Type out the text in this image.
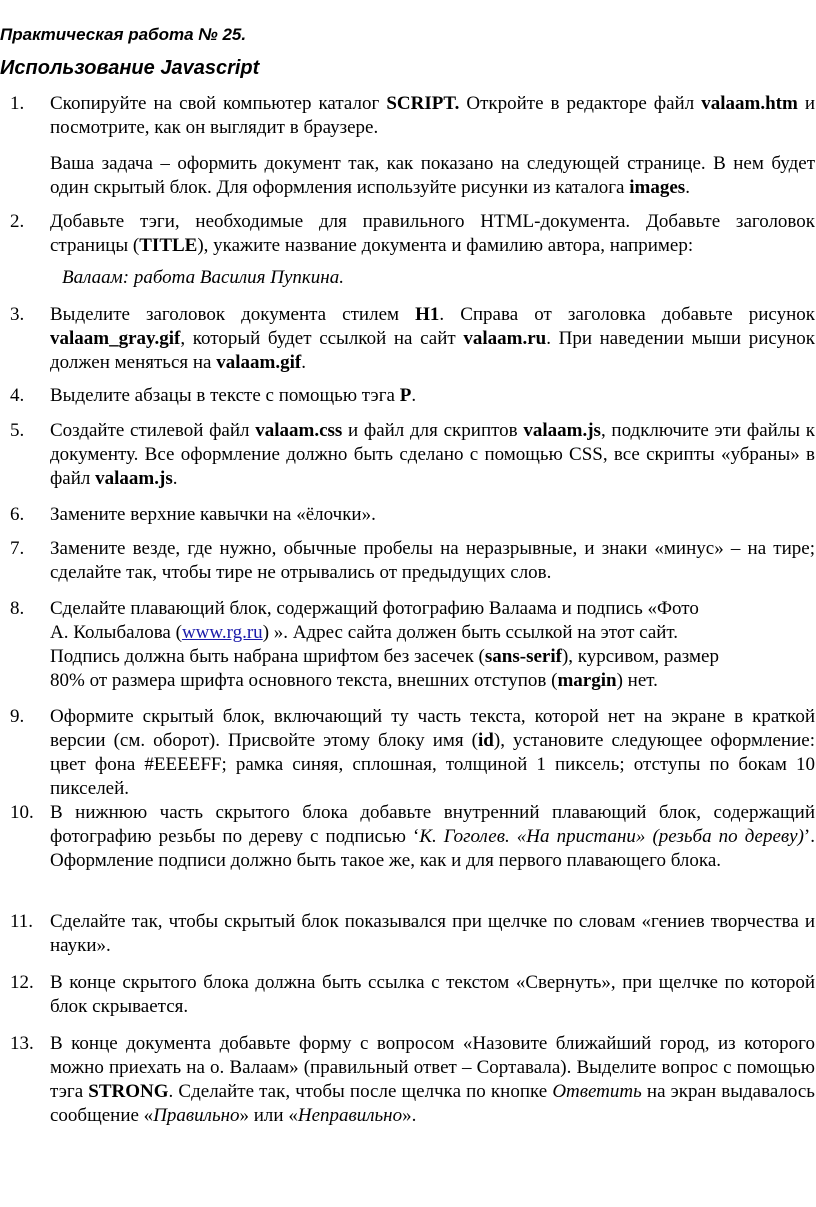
Практическая работа № 25.
Использование Javascript
1.	Скопируйте на свой компьютер каталог SCRIPT. Откройте в редакторе файл valaam.htm и посмотрите, как он выглядит в браузере.

Ваша задача – оформить документ так, как показано на следующей странице. В нем будет один скрытый блок. Для оформления используйте рисунки из каталога images.

2.	Добавьте тэги, необходимые для правильного HTML-документа. Добавьте заголовок страницы (TITLE), укажите название документа и фамилию автора, например:

Валаам: работа Василия Пупкина.
3.	Выделите заголовок документа стилем H1. Справа от заголовка добавьте рисунок valaam_gray.gif, который будет ссылкой на сайт valaam.ru. При наведении мыши рисунок должен меняться на valaam.gif.

4.	Выделите абзацы в тексте с помощью тэга P.

5.	Создайте стилевой файл valaam.css и файл для скриптов valaam.js, подключите эти файлы к документу. Все оформление должно быть сделано с помощью CSS, все скрипты «убраны» в файл valaam.js.

6.	Замените верхние кавычки на «ёлочки».

7.	Замените везде, где нужно, обычные пробелы на неразрывные, и знаки «минус» – на тире; сделайте так, чтобы тире не отрывались от предыдущих слов.

8.	Сделайте плавающий блок, содержащий фотографию Валаама и подпись «Фото
А. Колыбалова (www.rg.ru) ». Адрес сайта должен быть ссылкой на этот сайт.
Подпись должна быть набрана шрифтом без засечек (sans-serif), курсивом, размер
80% от размера шрифта основного текста, внешних отступов (margin) нет.

9.	Оформите скрытый блок, включающий ту часть текста, которой нет на экране в краткой версии (см. оборот). Присвойте этому блоку имя (id), установите следующее оформление: цвет фона #EEEEFF; рамка синяя, сплошная, толщиной 1 пиксель; отступы по бокам 10 пикселей.

10. В нижнюю часть скрытого блока добавьте внутренний плавающий блок, содержащий фотографию резьбы по дереву с подписью ‘К. Гоголев. «На пристани» (резьба по дереву)’. Оформление подписи должно быть такое же, как и для первого плавающего блока.

11. Сделайте так, чтобы скрытый блок показывался при щелчке по словам «гениев творчества и науки».

12. В конце скрытого блока должна быть ссылка с текстом «Свернуть», при щелчке по которой блок скрывается.

13. В конце документа добавьте форму с вопросом «Назовите ближайший город, из которого можно приехать на о. Валаам» (правильный ответ – Сортавала). Выделите вопрос с помощью тэга STRONG. Сделайте так, чтобы после щелчка по кнопке Ответить на экран выдавалось сообщение «Правильно» или «Неправильно».
